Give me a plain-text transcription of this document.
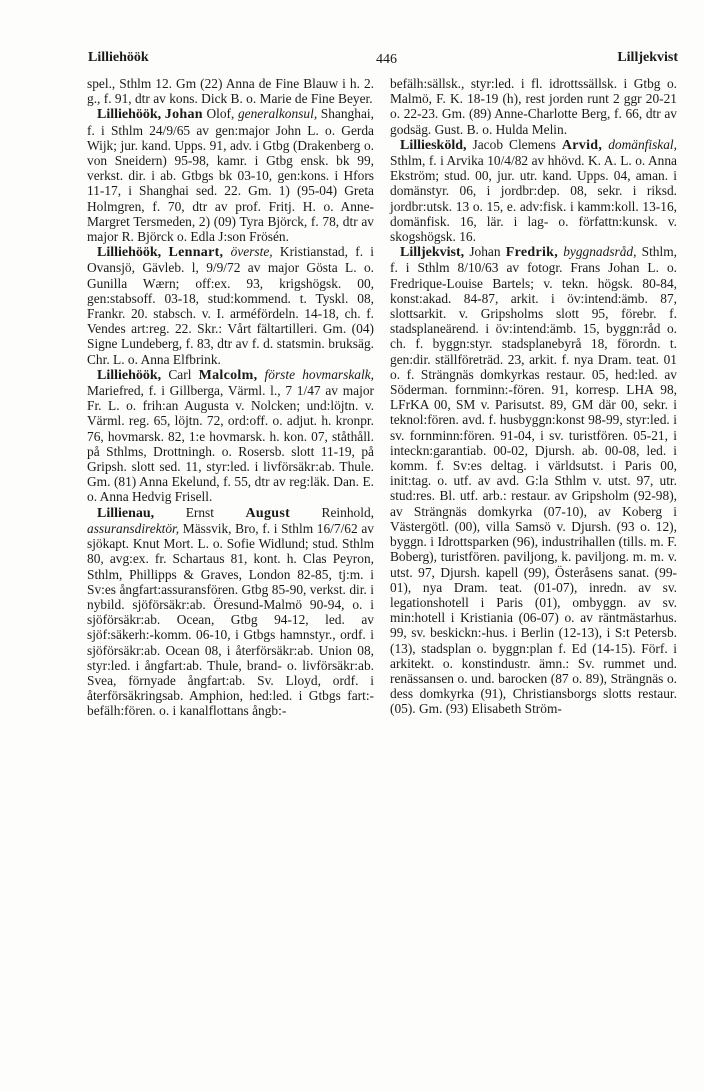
Lilliehöök	446	Lilljekvist

spel., Sthlm 12. Gm (22) Anna de Fine Blauw i h. 2. g., f. 91, dtr av kons. Dick B. o. Marie de Fine Beyer.

Lilliehöök, Johan Olof, generalkonsul, Shanghai, f. i Sthlm 24/9/65 av gen:major John L. o. Gerda Wijk; jur. kand. Upps. 91, adv. i Gtbg (Drakenberg o. von Sneidern) 95-98, kamr. i Gtbg ensk. bk 99, verkst. dir. i ab. Gtbgs bk 03-10, gen:kons. i Hfors 11-17, i Shanghai sed. 22. Gm. 1) (95-04) Greta Holmgren, f. 70, dtr av prof. Fritj. H. o. Anne-Margret Tersmeden, 2) (09) Tyra Björck, f. 78, dtr av major R. Björck o. Edla J:son Frösén.

Lilliehöök, Lennart, överste, Kristianstad, f. i Ovansjö, Gävleb. l, 9/9/72 av major Gösta L. o. Gunilla Wærn; off:ex. 93, krigshögsk. 00, gen:stabsoff. 03-18, stud:kommend. t. Tyskl. 08, Frankr. 20. stabsch. v. I. arméfördeln. 14-18, ch. f. Vendes art:reg. 22. Skr.: Vårt fältartilleri. Gm. (04) Signe Lundeberg, f. 83, dtr av f. d. statsmin. bruksäg. Chr. L. o. Anna Elfbrink.

Lilliehöök, Carl Malcolm, förste hovmarskalk, Mariefred, f. i Gillberga, Värml. l., 7 1/47 av major Fr. L. o. frih:an Augusta v. Nolcken; und:löjtn. v. Värml. reg. 65, löjtn. 72, ord:off. o. adjut. h. kronpr. 76, hovmarsk. 82, 1:e hovmarsk. h. kon. 07, ståthåll. på Sthlms, Drottningh. o. Rosersb. slott 11-19, på Gripsh. slott sed. 11, styr:led. i livförsäkr:ab. Thule. Gm. (81) Anna Ekelund, f. 55, dtr av reg:läk. Dan. E. o. Anna Hedvig Frisell.

Lillienau, Ernst August Reinhold, assuransdirektör, Mässvik, Bro, f. i Sthlm 16/7/62 av sjökapt. Knut Mort. L. o. Sofie Widlund; stud. Sthlm 80, avg:ex. fr. Schartaus 81, kont. h. Clas Peyron, Sthlm, Phillipps & Graves, London 82-85, tj:m. i Sv:es ångfart:assuransfören. Gtbg 85-90, verkst. dir. i nybild. sjöförsäkr:ab. Öresund-Malmö 90-94, o. i sjöförsäkr:ab. Ocean, Gtbg 94-12, led. av sjöf:säkerh:-komm. 06-10, i Gtbgs hamnstyr., ordf. i sjöförsäkr:ab. Ocean 08, i återförsäkr:ab. Union 08, styr:led. i ångfart:ab. Thule, brand- o. livförsäkr:ab. Svea, förnyade ångfart:ab. Sv. Lloyd, ordf. i återförsäkringsab. Amphion, hed:led. i Gtbgs fart:-befälh:fören. o. i kanalflottans ångb:-

befälh:sällsk., styr:led. i fl. idrottssällsk. i Gtbg o. Malmö, F. K. 18-19 (h), rest jorden runt 2 ggr 20-21 o. 22-23. Gm. (89) Anne-Charlotte Berg, f. 66, dtr av godsäg. Gust. B. o. Hulda Melin.

Lilliesköld, Jacob Clemens Arvid, domänfiskal, Sthlm, f. i Arvika 10/4/82 av hhövd. K. A. L. o. Anna Ekström; stud. 00, jur. utr. kand. Upps. 04, aman. i domänstyr. 06, i jordbr:dep. 08, sekr. i riksd. jordbr:utsk. 13 o. 15, e. adv:fisk. i kamm:koll. 13-16, domänfisk. 16, lär. i lag- o. författn:kunsk. v. skogshögsk. 16.

Lilljekvist, Johan Fredrik, byggnadsråd, Sthlm, f. i Sthlm 8/10/63 av fotogr. Frans Johan L. o. Fredrique-Louise Bartels; v. tekn. högsk. 80-84, konst:akad. 84-87, arkit. i öv:intend:ämb. 87, slottsarkit. v. Gripsholms slott 95, förebr. f. stadsplaneärend. i öv:intend:ämb. 15, byggn:råd o. ch. f. byggn:styr. stadsplanebyrå 18, förordn. t. gen:dir. ställföreträd. 23, arkit. f. nya Dram. teat. 01 o. f. Strängnäs domkyrkas restaur. 05, hed:led. av Söderman. fornminn:-fören. 91, korresp. LHA 98, LFrKA 00, SM v. Parisutst. 89, GM där 00, sekr. i teknol:fören. avd. f. husbyggn:konst 98-99, styr:led. i sv. fornminn:fören. 91-04, i sv. turistfören. 05-21, i inteckn:garantiab. 00-02, Djursh. ab. 00-08, led. i komm. f. Sv:es deltag. i världsutst. i Paris 00, init:tag. o. utf. av avd. G:la Sthlm v. utst. 97, utr. stud:res. Bl. utf. arb.: restaur. av Gripsholm (92-98), av Strängnäs domkyrka (07-10), av Koberg i Västergötl. (00), villa Samsö v. Djursh. (93 o. 12), byggn. i Idrottsparken (96), industrihallen (tills. m. F. Boberg), turistfören. paviljong, k. paviljong. m. m. v. utst. 97, Djursh. kapell (99), Österåsens sanat. (99-01), nya Dram. teat. (01-07), inredn. av sv. legationshotell i Paris (01), ombyggn. av sv. min:hotell i Kristiania (06-07) o. av räntmästarhus. 99, sv. beskickn:-hus. i Berlin (12-13), i S:t Petersb. (13), stadsplan o. byggn:plan f. Ed (14-15). Förf. i arkitekt. o. konstindustr. ämn.: Sv. rummet und. renässansen o. und. barocken (87 o. 89), Strängnäs o. dess domkyrka (91), Christiansborgs slotts restaur. (05). Gm. (93) Elisabeth Ström-
